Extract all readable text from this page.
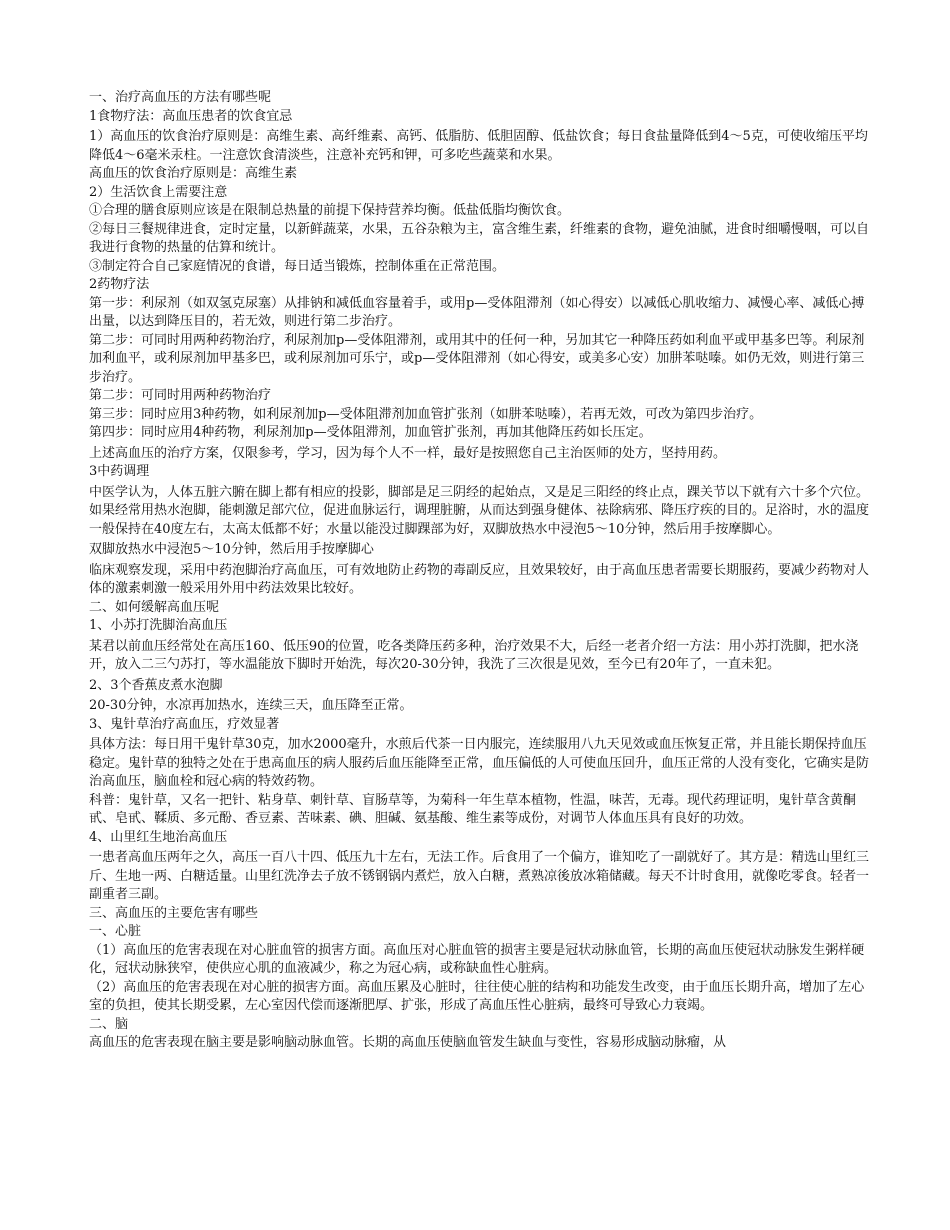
一、治疗高血压的方法有哪些呢

1食物疗法：高血压患者的饮食宜忌

1）高血压的饮食治疗原则是：高维生素、高纤维素、高钙、低脂肪、低胆固醇、低盐饮食；每日食盐量降低到4～5克，可使收缩压平均降低4～6毫米汞柱。一注意饮食清淡些，注意补充钙和钾，可多吃些蔬菜和水果。

高血压的饮食治疗原则是：高维生素

2）生活饮食上需要注意

①合理的膳食原则应该是在限制总热量的前提下保持营养均衡。低盐低脂均衡饮食。

②每日三餐规律进食，定时定量，以新鲜蔬菜，水果，五谷杂粮为主，富含维生素，纤维素的食物，避免油腻，进食时细嚼慢咽，可以自我进行食物的热量的估算和统计。

③制定符合自己家庭情况的食谱，每日适当锻炼，控制体重在正常范围。

2药物疗法

第一步：利尿剂（如双氢克尿塞）从排钠和减低血容量着手，或用p—受体阻滞剂（如心得安）以减低心肌收缩力、减慢心率、减低心搏出量，以达到降压目的，若无效，则进行第二步治疗。

第二步：可同时用两种药物治疗，利尿剂加p—受体阻滞剂，或用其中的任何一种，另加其它一种降压药如利血平或甲基多巴等。利尿剂加利血平，或利尿剂加甲基多巴，或利尿剂加可乐宁，或p—受体阻滞剂（如心得安，或美多心安）加肼苯哒嗪。如仍无效，则进行第三步治疗。

第二步：可同时用两种药物治疗

第三步：同时应用3种药物，如利尿剂加p—受体阻滞剂加血管扩张剂（如肼苯哒嗪），若再无效，可改为第四步治疗。

第四步：同时应用4种药物，利尿剂加p—受体阻滞剂，加血管扩张剂，再加其他降压药如长压定。

上述高血压的治疗方案，仅限参考，学习，因为每个人不一样，最好是按照您自己主治医师的处方，坚持用药。

3中药调理

中医学认为，人体五脏六腑在脚上都有相应的投影，脚部是足三阴经的起始点，又是足三阳经的终止点，踝关节以下就有六十多个穴位。如果经常用热水泡脚，能刺激足部穴位，促进血脉运行，调理脏腑，从而达到强身健体、祛除病邪、降压疗疾的目的。足浴时，水的温度一般保持在40度左右，太高太低都不好；水量以能没过脚踝部为好，双脚放热水中浸泡5～10分钟，然后用手按摩脚心。

双脚放热水中浸泡5～10分钟，然后用手按摩脚心

临床观察发现，采用中药泡脚治疗高血压，可有效地防止药物的毒副反应，且效果较好，由于高血压患者需要长期服药，要减少药物对人体的激素刺激一般采用外用中药法效果比较好。

二、如何缓解高血压呢

1、小苏打洗脚治高血压

某君以前血压经常处在高压160、低压90的位置，吃各类降压药多种，治疗效果不大，后经一老者介绍一方法：用小苏打洗脚，把水浇开，放入二三勺苏打，等水温能放下脚时开始洗，每次20-30分钟，我洗了三次很是见效，至今已有20年了，一直未犯。

2、3个香蕉皮煮水泡脚

20-30分钟，水凉再加热水，连续三天，血压降至正常。

3、鬼针草治疗高血压，疗效显著

具体方法：每日用干鬼针草30克，加水2000毫升，水煎后代茶一日内服完，连续服用八九天见效或血压恢复正常，并且能长期保持血压稳定。鬼针草的独特之处在于患高血压的病人服药后血压能降至正常，血压偏低的人可使血压回升，血压正常的人没有变化，它确实是防治高血压，脑血栓和冠心病的特效药物。

科普：鬼针草，又名一把针、粘身草、刺针草、盲肠草等，为菊科一年生草本植物，性温，味苦，无毒。现代药理证明，鬼针草含黄酮甙、皂甙、鞣质、多元酚、香豆素、苦味素、碘、胆碱、氨基酸、维生素等成份，对调节人体血压具有良好的功效。

4、山里红生地治高血压

一患者高血压两年之久，高压一百八十四、低压九十左右，无法工作。后食用了一个偏方，谁知吃了一副就好了。其方是：精选山里红三斤、生地一两、白糖适量。山里红洗净去子放不锈钢锅内煮烂，放入白糖，煮熟凉後放冰箱储藏。每天不计时食用，就像吃零食。轻者一副重者三副。

三、高血压的主要危害有哪些

一、心脏

（1）高血压的危害表现在对心脏血管的损害方面。高血压对心脏血管的损害主要是冠状动脉血管，长期的高血压使冠状动脉发生粥样硬化，冠状动脉狭窄，使供应心肌的血液减少，称之为冠心病，或称缺血性心脏病。

（2）高血压的危害表现在对心脏的损害方面。高血压累及心脏时，往往使心脏的结构和功能发生改变，由于血压长期升高，增加了左心室的负担，使其长期受累，左心室因代偿而逐渐肥厚、扩张，形成了高血压性心脏病，最终可导致心力衰竭。

二、脑

高血压的危害表现在脑主要是影响脑动脉血管。长期的高血压使脑血管发生缺血与变性，容易形成脑动脉瘤，从
